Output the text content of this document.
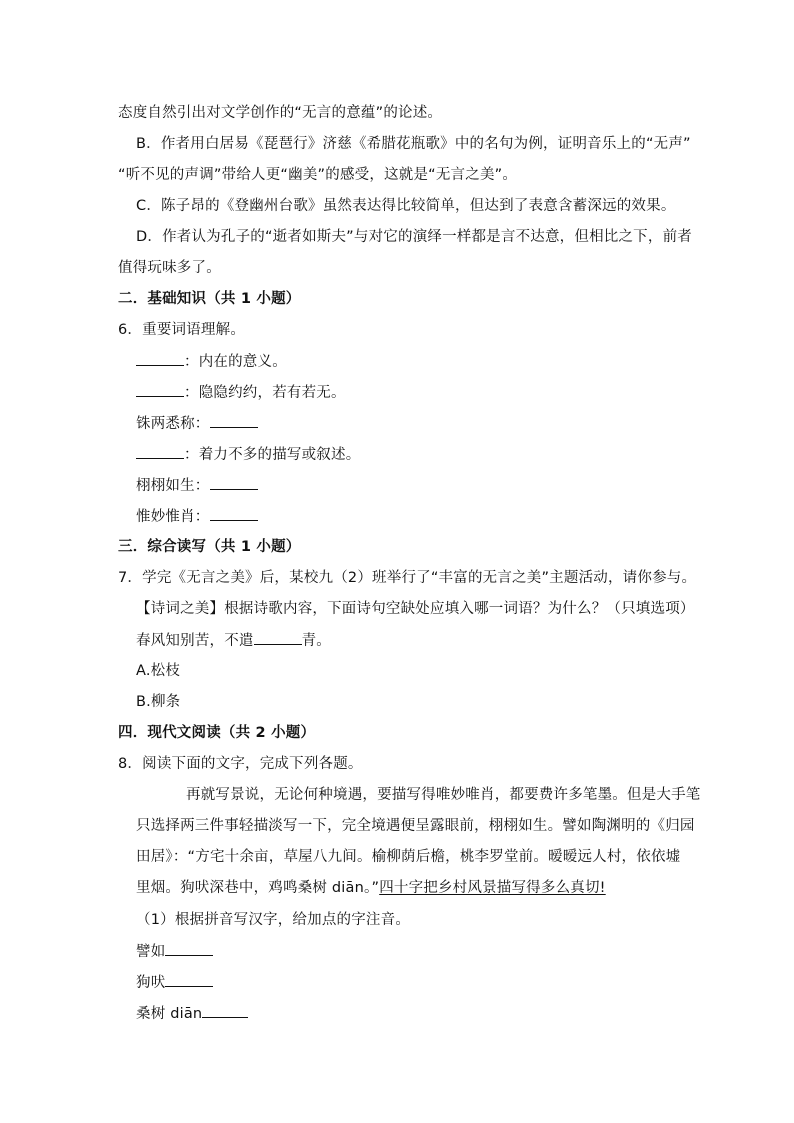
态度自然引出对文学创作的“无言的意蕴”的论述。
B．作者用白居易《琵琶行》济慈《希腊花瓶歌》中的名句为例，证明音乐上的“无声”
“听不见的声调”带给人更“幽美”的感受，这就是“无言之美”。
C．陈子昂的《登幽州台歌》虽然表达得比较简单，但达到了表意含蓄深远的效果。
D．作者认为孔子的“逝者如斯夫”与对它的演绎一样都是言不达意，但相比之下，前者
值得玩味多了。
二．基础知识（共 1 小题）
6．重要词语理解。
：内在的意义。
：隐隐约约，若有若无。
铢两悉称：
：着力不多的描写或叙述。
栩栩如生：
惟妙惟肖：
三．综合读写（共 1 小题）
7．学完《无言之美》后，某校九（2）班举行了“丰富的无言之美”主题活动，请你参与。
【诗词之美】根据诗歌内容，下面诗句空缺处应填入哪一词语？为什么？（只填选项）
春风知别苦，不遣	青。
A.松枝
B.柳条
四．现代文阅读（共 2 小题）
8．阅读下面的文字，完成下列各题。
再就写景说，无论何种境遇，要描写得唯妙唯肖，都要费许多笔墨。但是大手笔
只选择两三件事轻描淡写一下，完全境遇便呈露眼前，栩栩如生。譬如陶渊明的《归园
田居》：“方宅十余亩，草屋八九间。榆柳荫后檐，桃李罗堂前。暧暧远人村，依依墟
里烟。狗吠深巷中，鸡鸣桑树 diān。”四十字把乡村风景描写得多么真切!
（1）根据拼音写汉字，给加点的字注音。
譬如
狗吠
桑树 diān
